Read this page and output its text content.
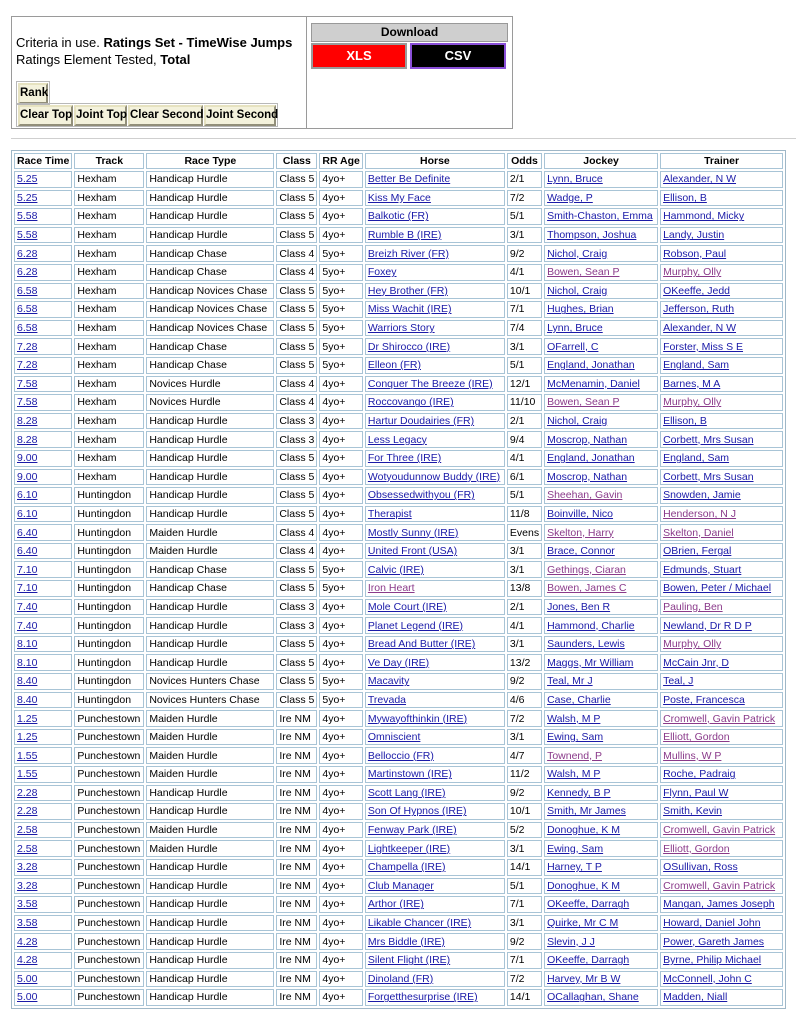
Criteria in use. Ratings Set - TimeWise Jumps
Ratings Element Tested, Total
Rank
Clear Top Joint Top Clear Second Joint Second
Download
XLS	CSV
Race Time	Track	Race Type	Class	RR Age	Horse	Odds	Jockey	Trainer
5.25	Hexham	Handicap Hurdle	Class 5	4yo+	Better Be Definite	2/1	Lynn, Bruce	Alexander, N W
5.25	Hexham	Handicap Hurdle	Class 5	4yo+	Kiss My Face	7/2	Wadge, P	Ellison, B
5.58	Hexham	Handicap Hurdle	Class 5	4yo+	Balkotic (FR)	5/1	Smith-Chaston, Emma	Hammond, Micky
5.58	Hexham	Handicap Hurdle	Class 5	4yo+	Rumble B (IRE)	3/1	Thompson, Joshua	Landy, Justin
6.28	Hexham	Handicap Chase	Class 4	5yo+	Breizh River (FR)	9/2	Nichol, Craig	Robson, Paul
6.28	Hexham	Handicap Chase	Class 4	5yo+	Foxey	4/1	Bowen, Sean P	Murphy, Olly
6.58	Hexham	Handicap Novices Chase	Class 5	5yo+	Hey Brother (FR)	10/1	Nichol, Craig	OKeeffe, Jedd
6.58	Hexham	Handicap Novices Chase	Class 5	5yo+	Miss Wachit (IRE)	7/1	Hughes, Brian	Jefferson, Ruth
6.58	Hexham	Handicap Novices Chase	Class 5	5yo+	Warriors Story	7/4	Lynn, Bruce	Alexander, N W
7.28	Hexham	Handicap Chase	Class 5	5yo+	Dr Shirocco (IRE)	3/1	OFarrell, C	Forster, Miss S E
7.28	Hexham	Handicap Chase	Class 5	5yo+	Elleon (FR)	5/1	England, Jonathan	England, Sam
7.58	Hexham	Novices Hurdle	Class 4	4yo+	Conquer The Breeze (IRE)	12/1	McMenamin, Daniel	Barnes, M A
7.58	Hexham	Novices Hurdle	Class 4	4yo+	Roccovango (IRE)	11/10	Bowen, Sean P	Murphy, Olly
8.28	Hexham	Handicap Hurdle	Class 3	4yo+	Hartur Doudairies (FR)	2/1	Nichol, Craig	Ellison, B
8.28	Hexham	Handicap Hurdle	Class 3	4yo+	Less Legacy	9/4	Moscrop, Nathan	Corbett, Mrs Susan
9.00	Hexham	Handicap Hurdle	Class 5	4yo+	For Three (IRE)	4/1	England, Jonathan	England, Sam
9.00	Hexham	Handicap Hurdle	Class 5	4yo+	Wotyoudunnow Buddy (IRE)	6/1	Moscrop, Nathan	Corbett, Mrs Susan
6.10	Huntingdon	Handicap Hurdle	Class 5	4yo+	Obsessedwithyou (FR)	5/1	Sheehan, Gavin	Snowden, Jamie
6.10	Huntingdon	Handicap Hurdle	Class 5	4yo+	Therapist	11/8	Boinville, Nico	Henderson, N J
6.40	Huntingdon	Maiden Hurdle	Class 4	4yo+	Mostly Sunny (IRE)	Evens	Skelton, Harry	Skelton, Daniel
6.40	Huntingdon	Maiden Hurdle	Class 4	4yo+	United Front (USA)	3/1	Brace, Connor	OBrien, Fergal
7.10	Huntingdon	Handicap Chase	Class 5	5yo+	Calvic (IRE)	3/1	Gethings, Ciaran	Edmunds, Stuart
7.10	Huntingdon	Handicap Chase	Class 5	5yo+	Iron Heart	13/8	Bowen, James C	Bowen, Peter / Michael
7.40	Huntingdon	Handicap Hurdle	Class 3	4yo+	Mole Court (IRE)	2/1	Jones, Ben R	Pauling, Ben
7.40	Huntingdon	Handicap Hurdle	Class 3	4yo+	Planet Legend (IRE)	4/1	Hammond, Charlie	Newland, Dr R D P
8.10	Huntingdon	Handicap Hurdle	Class 5	4yo+	Bread And Butter (IRE)	3/1	Saunders, Lewis	Murphy, Olly
8.10	Huntingdon	Handicap Hurdle	Class 5	4yo+	Ve Day (IRE)	13/2	Maggs, Mr William	McCain Jnr, D
8.40	Huntingdon	Novices Hunters Chase	Class 5	5yo+	Macavity	9/2	Teal, Mr J	Teal, J
8.40	Huntingdon	Novices Hunters Chase	Class 5	5yo+	Trevada	4/6	Case, Charlie	Poste, Francesca
1.25	Punchestown	Maiden Hurdle	Ire NM	4yo+	Mywayofthinkin (IRE)	7/2	Walsh, M P	Cromwell, Gavin Patrick
1.25	Punchestown	Maiden Hurdle	Ire NM	4yo+	Omniscient	3/1	Ewing, Sam	Elliott, Gordon
1.55	Punchestown	Maiden Hurdle	Ire NM	4yo+	Belloccio (FR)	4/7	Townend, P	Mullins, W P
1.55	Punchestown	Maiden Hurdle	Ire NM	4yo+	Martinstown (IRE)	11/2	Walsh, M P	Roche, Padraig
2.28	Punchestown	Handicap Hurdle	Ire NM	4yo+	Scott Lang (IRE)	9/2	Kennedy, B P	Flynn, Paul W
2.28	Punchestown	Handicap Hurdle	Ire NM	4yo+	Son Of Hypnos (IRE)	10/1	Smith, Mr James	Smith, Kevin
2.58	Punchestown	Maiden Hurdle	Ire NM	4yo+	Fenway Park (IRE)	5/2	Donoghue, K M	Cromwell, Gavin Patrick
2.58	Punchestown	Maiden Hurdle	Ire NM	4yo+	Lightkeeper (IRE)	3/1	Ewing, Sam	Elliott, Gordon
3.28	Punchestown	Handicap Hurdle	Ire NM	4yo+	Champella (IRE)	14/1	Harney, T P	OSullivan, Ross
3.28	Punchestown	Handicap Hurdle	Ire NM	4yo+	Club Manager	5/1	Donoghue, K M	Cromwell, Gavin Patrick
3.58	Punchestown	Handicap Hurdle	Ire NM	4yo+	Arthor (IRE)	7/1	OKeeffe, Darragh	Mangan, James Joseph
3.58	Punchestown	Handicap Hurdle	Ire NM	4yo+	Likable Chancer (IRE)	3/1	Quirke, Mr C M	Howard, Daniel John
4.28	Punchestown	Handicap Hurdle	Ire NM	4yo+	Mrs Biddle (IRE)	9/2	Slevin, J J	Power, Gareth James
4.28	Punchestown	Handicap Hurdle	Ire NM	4yo+	Silent Flight (IRE)	7/1	OKeeffe, Darragh	Byrne, Philip Michael
5.00	Punchestown	Handicap Hurdle	Ire NM	4yo+	Dinoland (FR)	7/2	Harvey, Mr B W	McConnell, John C
5.00	Punchestown	Handicap Hurdle	Ire NM	4yo+	Forgetthesurprise (IRE)	14/1	OCallaghan, Shane	Madden, Niall
